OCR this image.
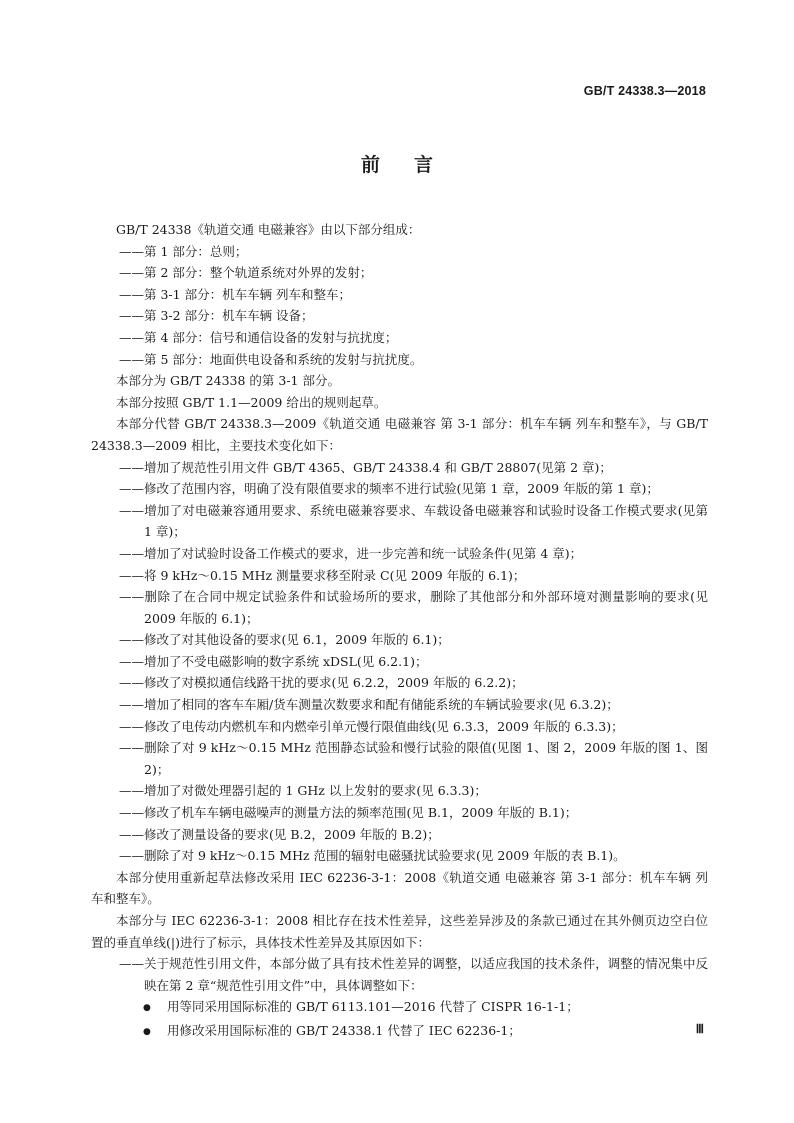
GB/T 24338.3—2018
前言

GB/T 24338《轨道交通 电磁兼容》由以下部分组成：

——第 1 部分：总则；

——第 2 部分：整个轨道系统对外界的发射；

——第 3-1 部分：机车车辆 列车和整车；

——第 3-2 部分：机车车辆 设备；

——第 4 部分：信号和通信设备的发射与抗扰度；

——第 5 部分：地面供电设备和系统的发射与抗扰度。

本部分为 GB/T 24338 的第 3-1 部分。

本部分按照 GB/T 1.1—2009 给出的规则起草。

本部分代替 GB/T 24338.3—2009《轨道交通 电磁兼容 第 3-1 部分：机车车辆 列车和整车》，与 GB/T 24338.3—2009 相比，主要技术变化如下：

——增加了规范性引用文件 GB/T 4365、GB/T 24338.4 和 GB/T 28807(见第 2 章)；

——修改了范围内容，明确了没有限值要求的频率不进行试验(见第 1 章，2009 年版的第 1 章)；

——增加了对电磁兼容通用要求、系统电磁兼容要求、车载设备电磁兼容和试验时设备工作模式要求(见第 1 章)；

——增加了对试验时设备工作模式的要求，进一步完善和统一试验条件(见第 4 章)；

——将 9 kHz～0.15 MHz 测量要求移至附录 C(见 2009 年版的 6.1)；

——删除了在合同中规定试验条件和试验场所的要求，删除了其他部分和外部环境对测量影响的要求(见 2009 年版的 6.1)；

——修改了对其他设备的要求(见 6.1，2009 年版的 6.1)；

——增加了不受电磁影响的数字系统 xDSL(见 6.2.1)；

——修改了对模拟通信线路干扰的要求(见 6.2.2，2009 年版的 6.2.2)；

——增加了相同的客车车厢/货车测量次数要求和配有储能系统的车辆试验要求(见 6.3.2)；

——修改了电传动内燃机车和内燃牵引单元慢行限值曲线(见 6.3.3，2009 年版的 6.3.3)；

——删除了对 9 kHz～0.15 MHz 范围静态试验和慢行试验的限值(见图 1、图 2，2009 年版的图 1、图 2)；

——增加了对微处理器引起的 1 GHz 以上发射的要求(见 6.3.3)；

——修改了机车车辆电磁噪声的测量方法的频率范围(见 B.1，2009 年版的 B.1)；

——修改了测量设备的要求(见 B.2，2009 年版的 B.2)；

——删除了对 9 kHz～0.15 MHz 范围的辐射电磁骚扰试验要求(见 2009 年版的表 B.1)。

本部分使用重新起草法修改采用 IEC 62236-3-1：2008《轨道交通 电磁兼容 第 3-1 部分：机车车辆 列车和整车》。

本部分与 IEC 62236-3-1：2008 相比存在技术性差异，这些差异涉及的条款已通过在其外侧页边空白位置的垂直单线(|)进行了标示，具体技术性差异及其原因如下：

——关于规范性引用文件，本部分做了具有技术性差异的调整，以适应我国的技术条件，调整的情况集中反映在第 2 章“规范性引用文件”中，具体调整如下：

● 用等同采用国际标准的 GB/T 6113.101—2016 代替了 CISPR 16-1-1；

● 用修改采用国际标准的 GB/T 24338.1 代替了 IEC 62236-1；	Ⅲ
